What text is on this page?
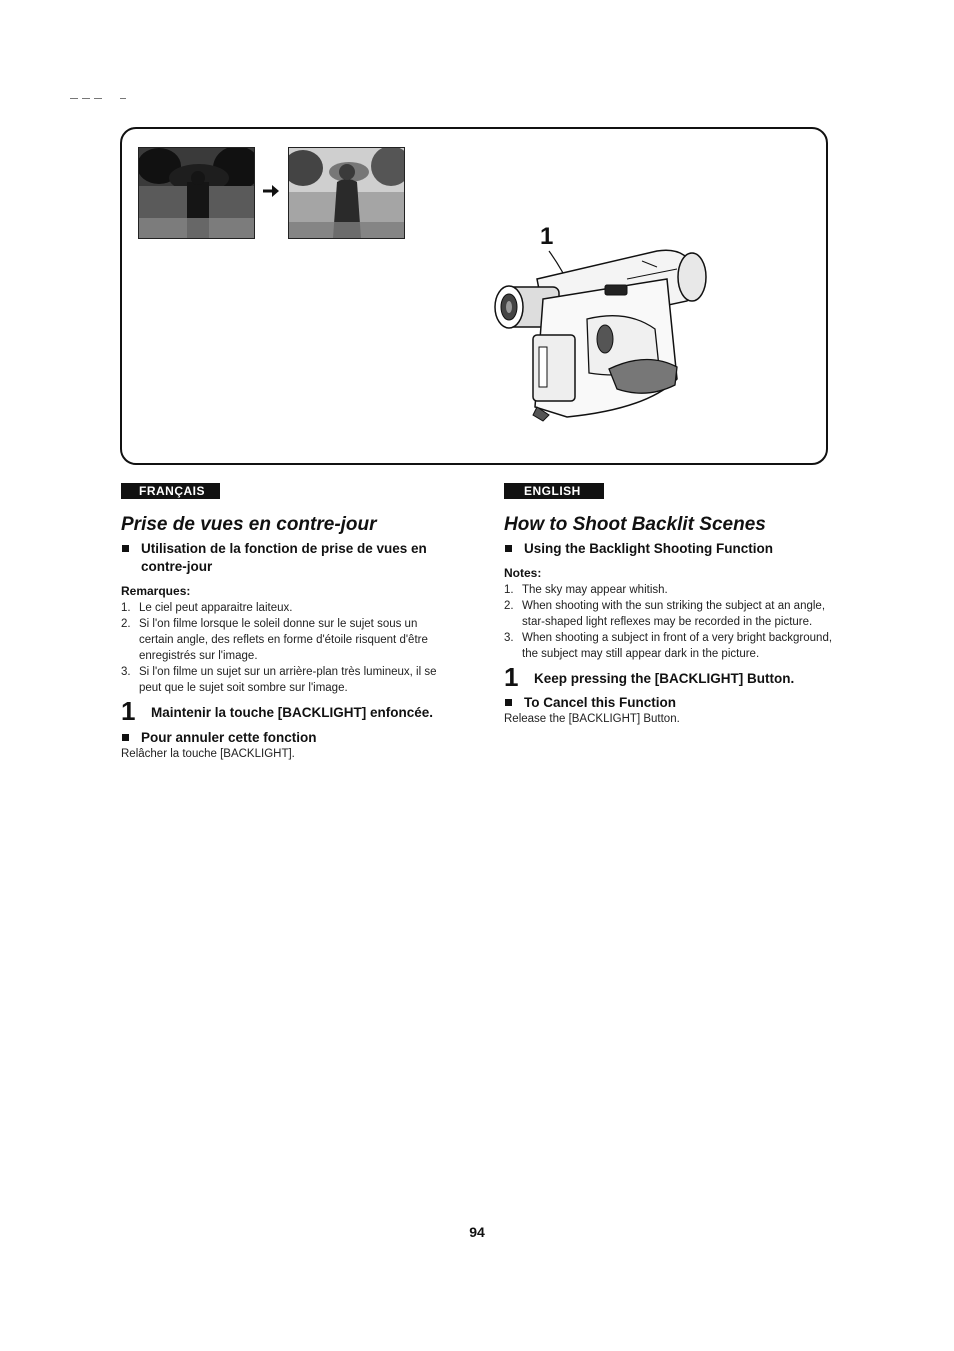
1
FRANÇAIS
Prise de vues en contre-jour
Utilisation de la fonction de prise de vues en contre-jour
Remarques:
1. Le ciel peut apparaitre laiteux.
2. Si l'on filme lorsque le soleil donne sur le sujet sous un certain angle, des reflets en forme d'étoile risquent d'être enregistrés sur l'image.
3. Si l'on filme un sujet sur un arrière-plan très lumineux, il se peut que le sujet soit sombre sur l'image.
1 Maintenir la touche [BACKLIGHT] enfoncée.
Pour annuler cette fonction
Relâcher la touche [BACKLIGHT].
ENGLISH
How to Shoot Backlit Scenes
Using the Backlight Shooting Function
Notes:
1. The sky may appear whitish.
2. When shooting with the sun striking the subject at an angle, star-shaped light reflexes may be recorded in the picture.
3. When shooting a subject in front of a very bright background, the subject may still appear dark in the picture.
1 Keep pressing the [BACKLIGHT] Button.
To Cancel this Function
Release the [BACKLIGHT] Button.
94
